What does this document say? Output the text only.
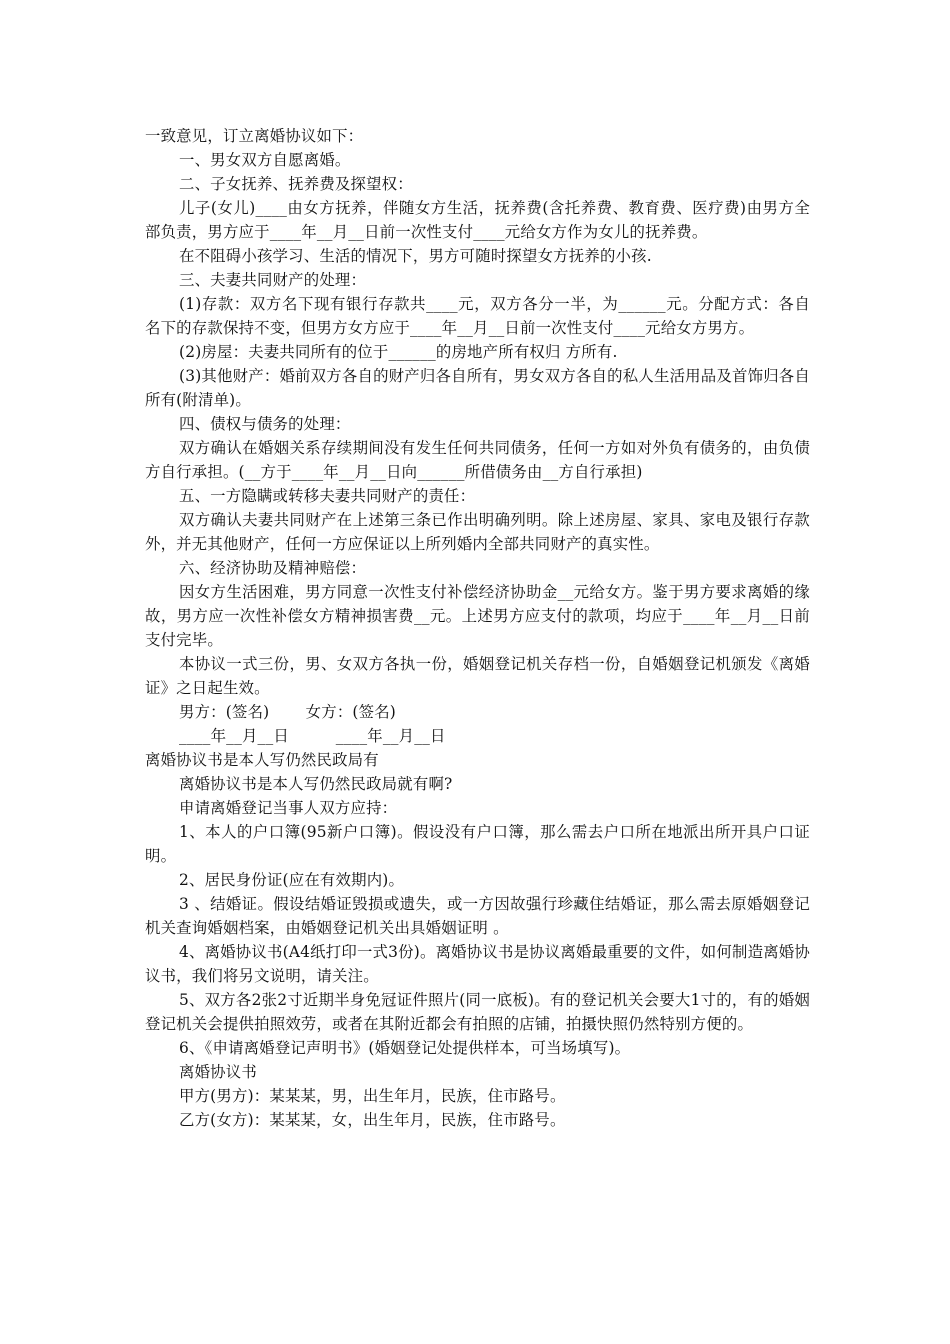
一致意见，订立离婚协议如下：

一、男女双方自愿离婚。

二、子女抚养、抚养费及探望权：

儿子(女儿)____由女方抚养，伴随女方生活，抚养费(含托养费、教育费、医疗费)由男方全部负责，男方应于____年__月__日前一次性支付____元给女方作为女儿的抚养费。

在不阻碍小孩学习、生活的情况下，男方可随时探望女方抚养的小孩.

三、夫妻共同财产的处理：

(1)存款：双方名下现有银行存款共____元，双方各分一半，为______元。分配方式：各自名下的存款保持不变，但男方女方应于____年__月__日前一次性支付____元给女方男方。

(2)房屋：夫妻共同所有的位于______的房地产所有权归 方所有.

(3)其他财产：婚前双方各自的财产归各自所有，男女双方各自的私人生活用品及首饰归各自所有(附清单)。

四、债权与债务的处理：

双方确认在婚姻关系存续期间没有发生任何共同债务，任何一方如对外负有债务的，由负债方自行承担。(__方于____年__月__日向______所借债务由__方自行承担)

五、一方隐瞒或转移夫妻共同财产的责任：

双方确认夫妻共同财产在上述第三条已作出明确列明。除上述房屋、家具、家电及银行存款外，并无其他财产，任何一方应保证以上所列婚内全部共同财产的真实性。

六、经济协助及精神赔偿：

因女方生活困难，男方同意一次性支付补偿经济协助金__元给女方。鉴于男方要求离婚的缘故，男方应一次性补偿女方精神损害费__元。上述男方应支付的款项，均应于____年__月__日前支付完毕。

本协议一式三份，男、女双方各执一份，婚姻登记机关存档一份，自婚姻登记机颁发《离婚证》之日起生效。

男方：(签名)　　 女方：(签名)

____年__月__日　　　____年__月__日

离婚协议书是本人写仍然民政局有

离婚协议书是本人写仍然民政局就有啊?

申请离婚登记当事人双方应持：

1、本人的户口簿(95新户口簿)。假设没有户口簿，那么需去户口所在地派出所开具户口证明。

2、居民身份证(应在有效期内)。

3 、结婚证。假设结婚证毁损或遗失，或一方因故强行珍藏住结婚证，那么需去原婚姻登记机关查询婚姻档案，由婚姻登记机关出具婚姻证明 。

4、离婚协议书(A4纸打印一式3份)。离婚协议书是协议离婚最重要的文件，如何制造离婚协议书，我们将另文说明，请关注。

5、双方各2张2寸近期半身免冠证件照片(同一底板)。有的登记机关会要大1寸的，有的婚姻登记机关会提供拍照效劳，或者在其附近都会有拍照的店铺，拍摄快照仍然特别方便的。

6、《申请离婚登记声明书》(婚姻登记处提供样本，可当场填写)。

离婚协议书

甲方(男方)：某某某，男，出生年月，民族，住市路号。

乙方(女方)：某某某，女，出生年月，民族，住市路号。
